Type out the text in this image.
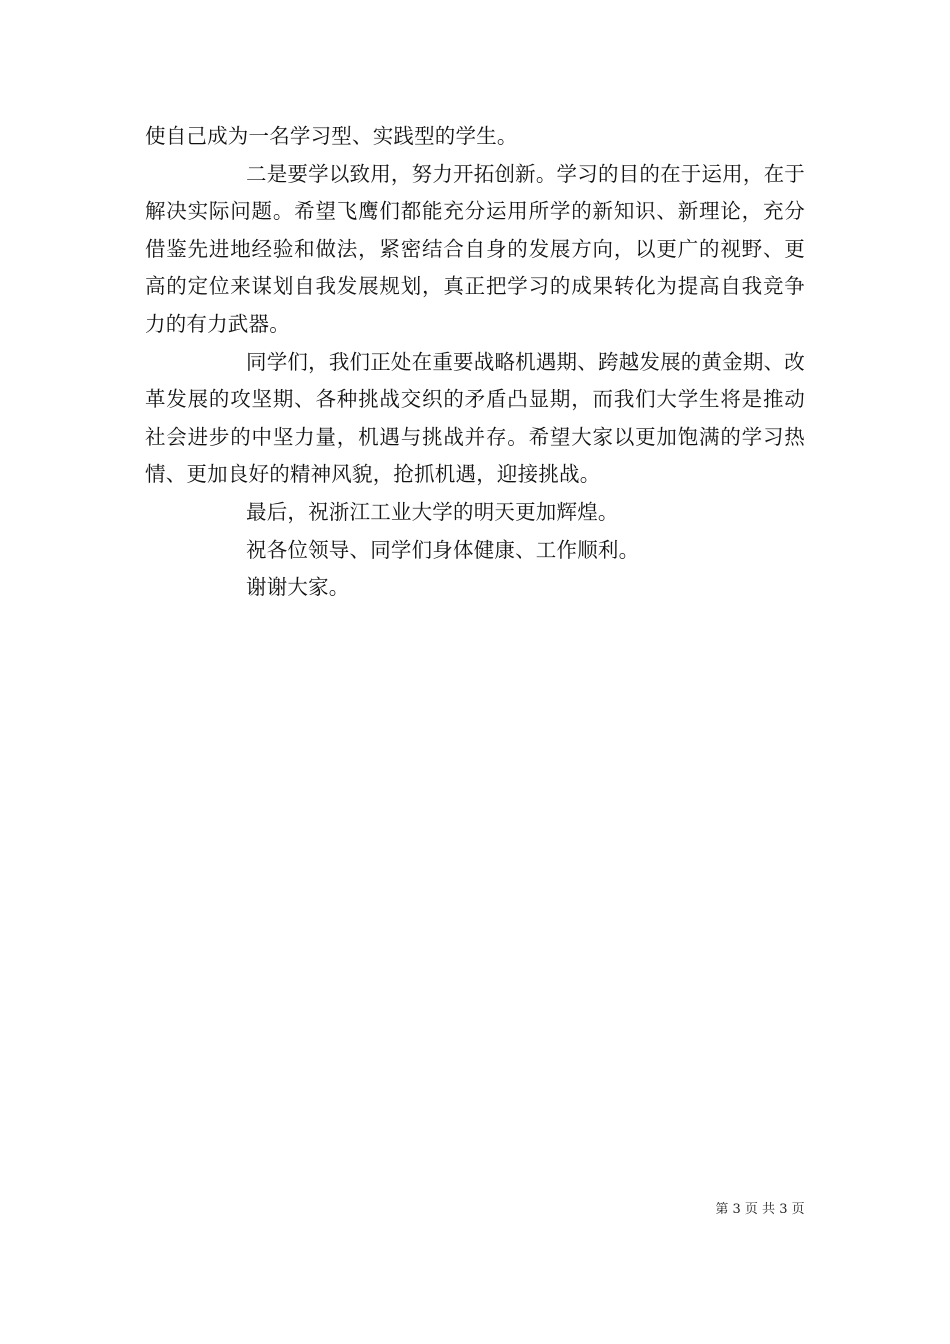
使自己成为一名学习型、实践型的学生。

二是要学以致用，努力开拓创新。学习的目的在于运用，在于解决实际问题。希望飞鹰们都能充分运用所学的新知识、新理论，充分借鉴先进地经验和做法，紧密结合自身的发展方向，以更广的视野、更高的定位来谋划自我发展规划，真正把学习的成果转化为提高自我竞争力的有力武器。

同学们，我们正处在重要战略机遇期、跨越发展的黄金期、改革发展的攻坚期、各种挑战交织的矛盾凸显期，而我们大学生将是推动社会进步的中坚力量，机遇与挑战并存。希望大家以更加饱满的学习热情、更加良好的精神风貌，抢抓机遇，迎接挑战。

最后，祝浙江工业大学的明天更加辉煌。

祝各位领导、同学们身体健康、工作顺利。

谢谢大家。

第 3 页 共 3 页
